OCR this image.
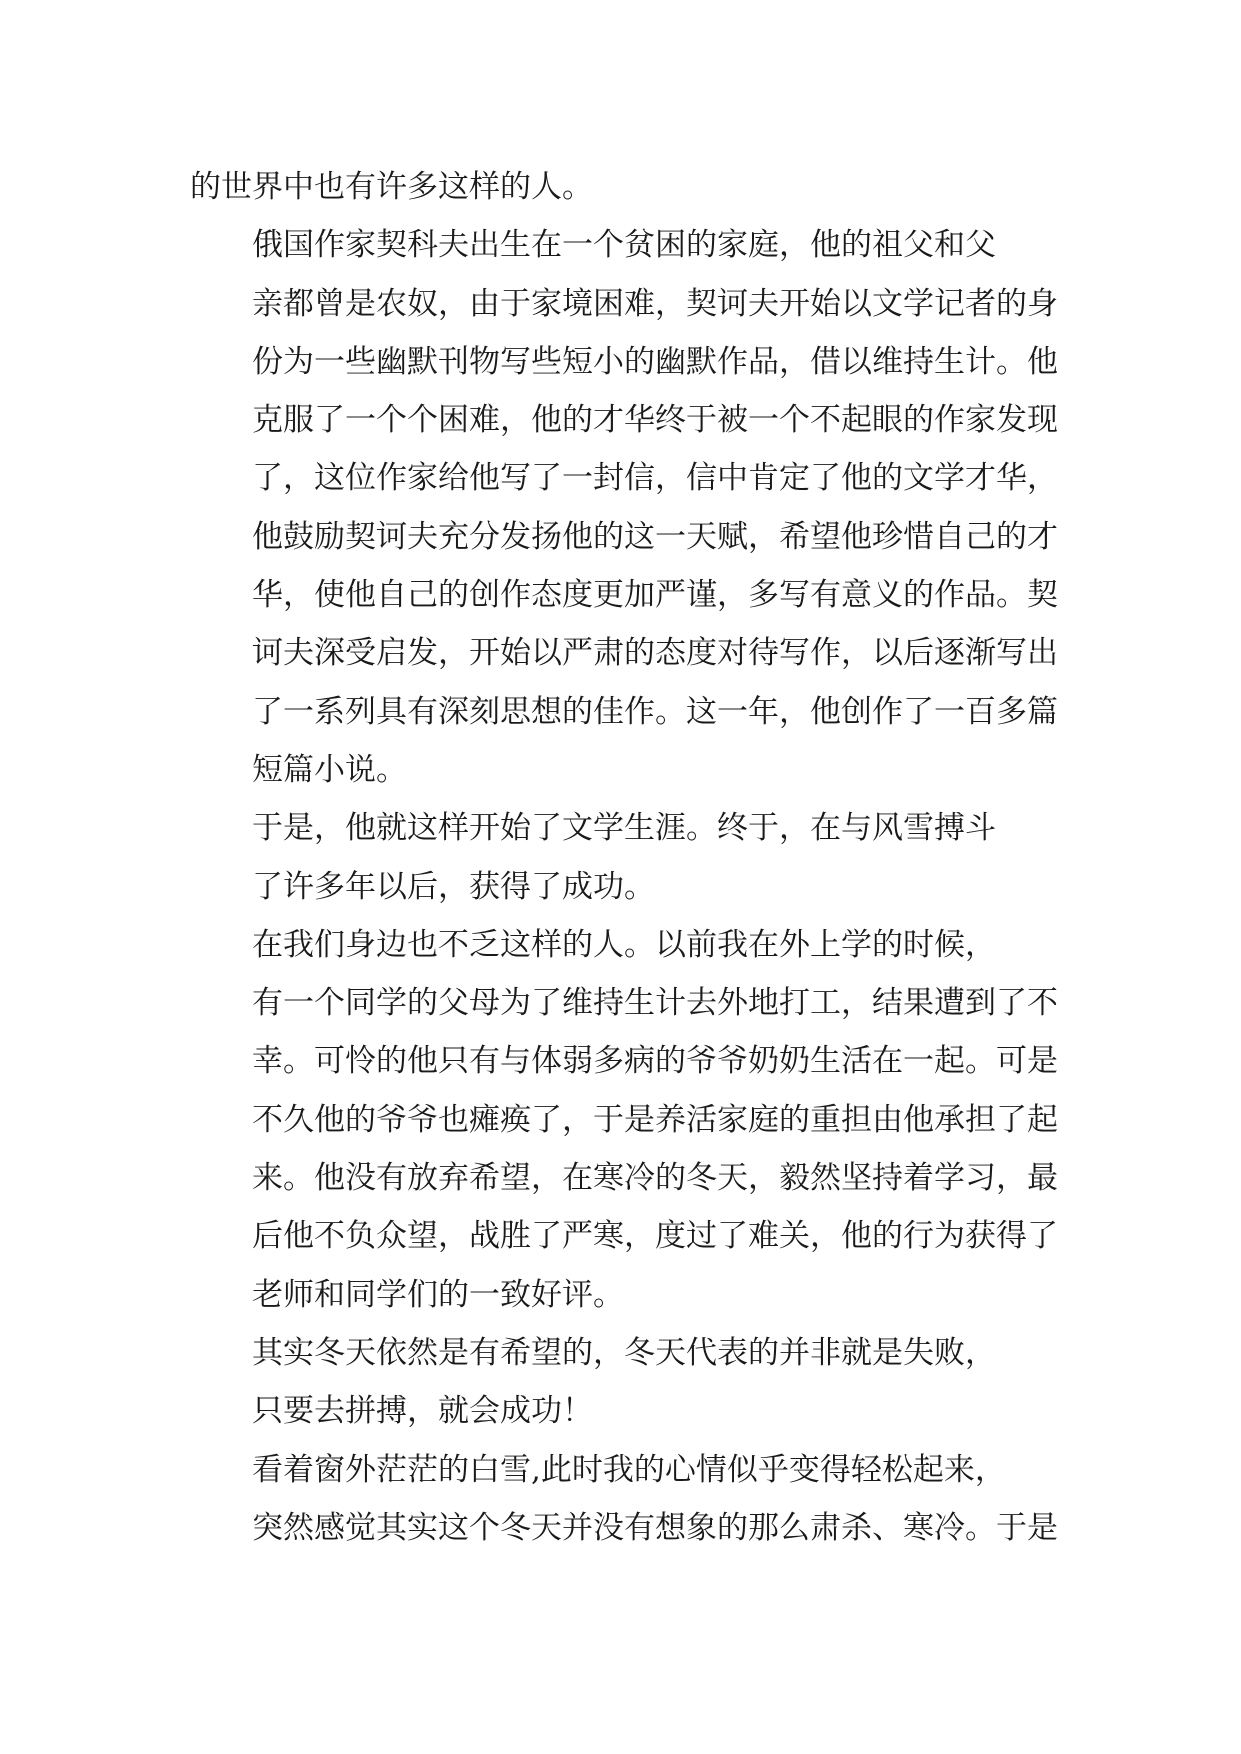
的世界中也有许多这样的人。

俄国作家契科夫出生在一个贫困的家庭，他的祖父和父
亲都曾是农奴，由于家境困难，契诃夫开始以文学记者的身
份为一些幽默刊物写些短小的幽默作品，借以维持生计。他
克服了一个个困难，他的才华终于被一个不起眼的作家发现
了，这位作家给他写了一封信，信中肯定了他的文学才华，
他鼓励契诃夫充分发扬他的这一天赋，希望他珍惜自己的才
华，使他自己的创作态度更加严谨，多写有意义的作品。契
诃夫深受启发，开始以严肃的态度对待写作，以后逐渐写出
了一系列具有深刻思想的佳作。这一年，他创作了一百多篇
短篇小说。

于是，他就这样开始了文学生涯。终于，在与风雪搏斗
了许多年以后，获得了成功。

在我们身边也不乏这样的人。以前我在外上学的时候，
有一个同学的父母为了维持生计去外地打工，结果遭到了不
幸。可怜的他只有与体弱多病的爷爷奶奶生活在一起。可是
不久他的爷爷也瘫痪了，于是养活家庭的重担由他承担了起
来。他没有放弃希望，在寒冷的冬天，毅然坚持着学习，最
后他不负众望，战胜了严寒，度过了难关，他的行为获得了
老师和同学们的一致好评。

其实冬天依然是有希望的，冬天代表的并非就是失败，
只要去拼搏，就会成功！

看着窗外茫茫的白雪,此时我的心情似乎变得轻松起来，
突然感觉其实这个冬天并没有想象的那么肃杀、寒冷。于是
